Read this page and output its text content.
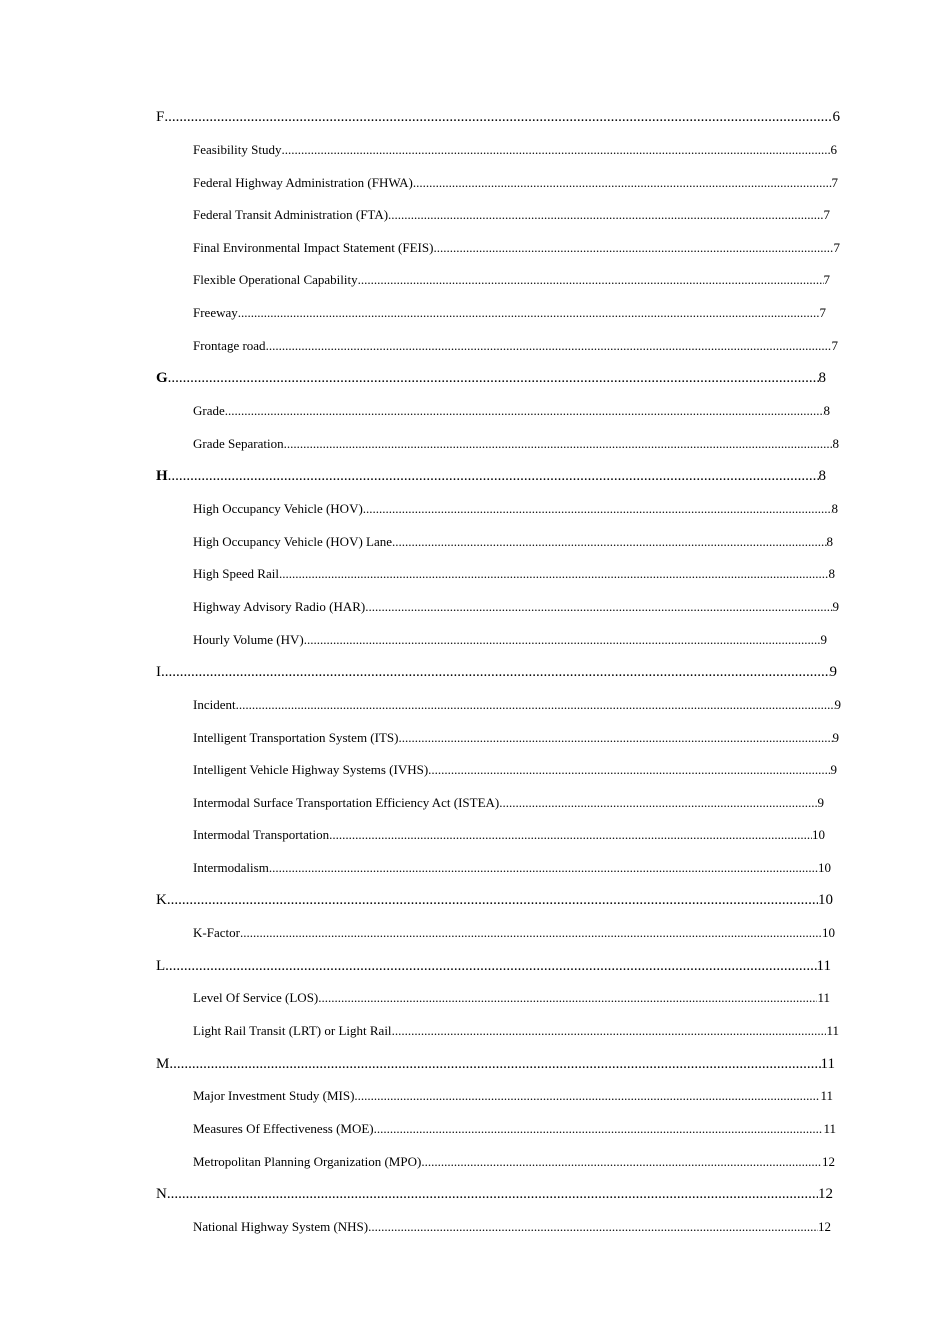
F .....	6
Feasibility Study .....	6
Federal Highway Administration (FHWA) .....	7
Federal Transit Administration (FTA) .....	7
Final Environmental Impact Statement (FEIS) .....	7
Flexible Operational Capability .....	7
Freeway .....	7
Frontage road .....	7
G .....	8
Grade .....	8
Grade Separation .....	8
H .....	8
High Occupancy Vehicle (HOV) .....	8
High Occupancy Vehicle (HOV) Lane .....	8
High Speed Rail .....	8
Highway Advisory Radio (HAR) .....	9
Hourly Volume (HV) .....	9
I .....	9
Incident .....	9
Intelligent Transportation System (ITS) .....	9
Intelligent Vehicle Highway Systems (IVHS) .....	9
Intermodal Surface Transportation Efficiency Act (ISTEA) .....	9
Intermodal Transportation .....	10
Intermodalism .....	10
K .....	10
K-Factor .....	10
L .....	11
Level Of Service (LOS) .....	11
Light Rail Transit (LRT) or Light Rail .....	11
M .....	11
Major Investment Study (MIS) .....	11
Measures Of Effectiveness (MOE) .....	11
Metropolitan Planning Organization (MPO) .....	12
N .....	12
National Highway System (NHS) .....	12
